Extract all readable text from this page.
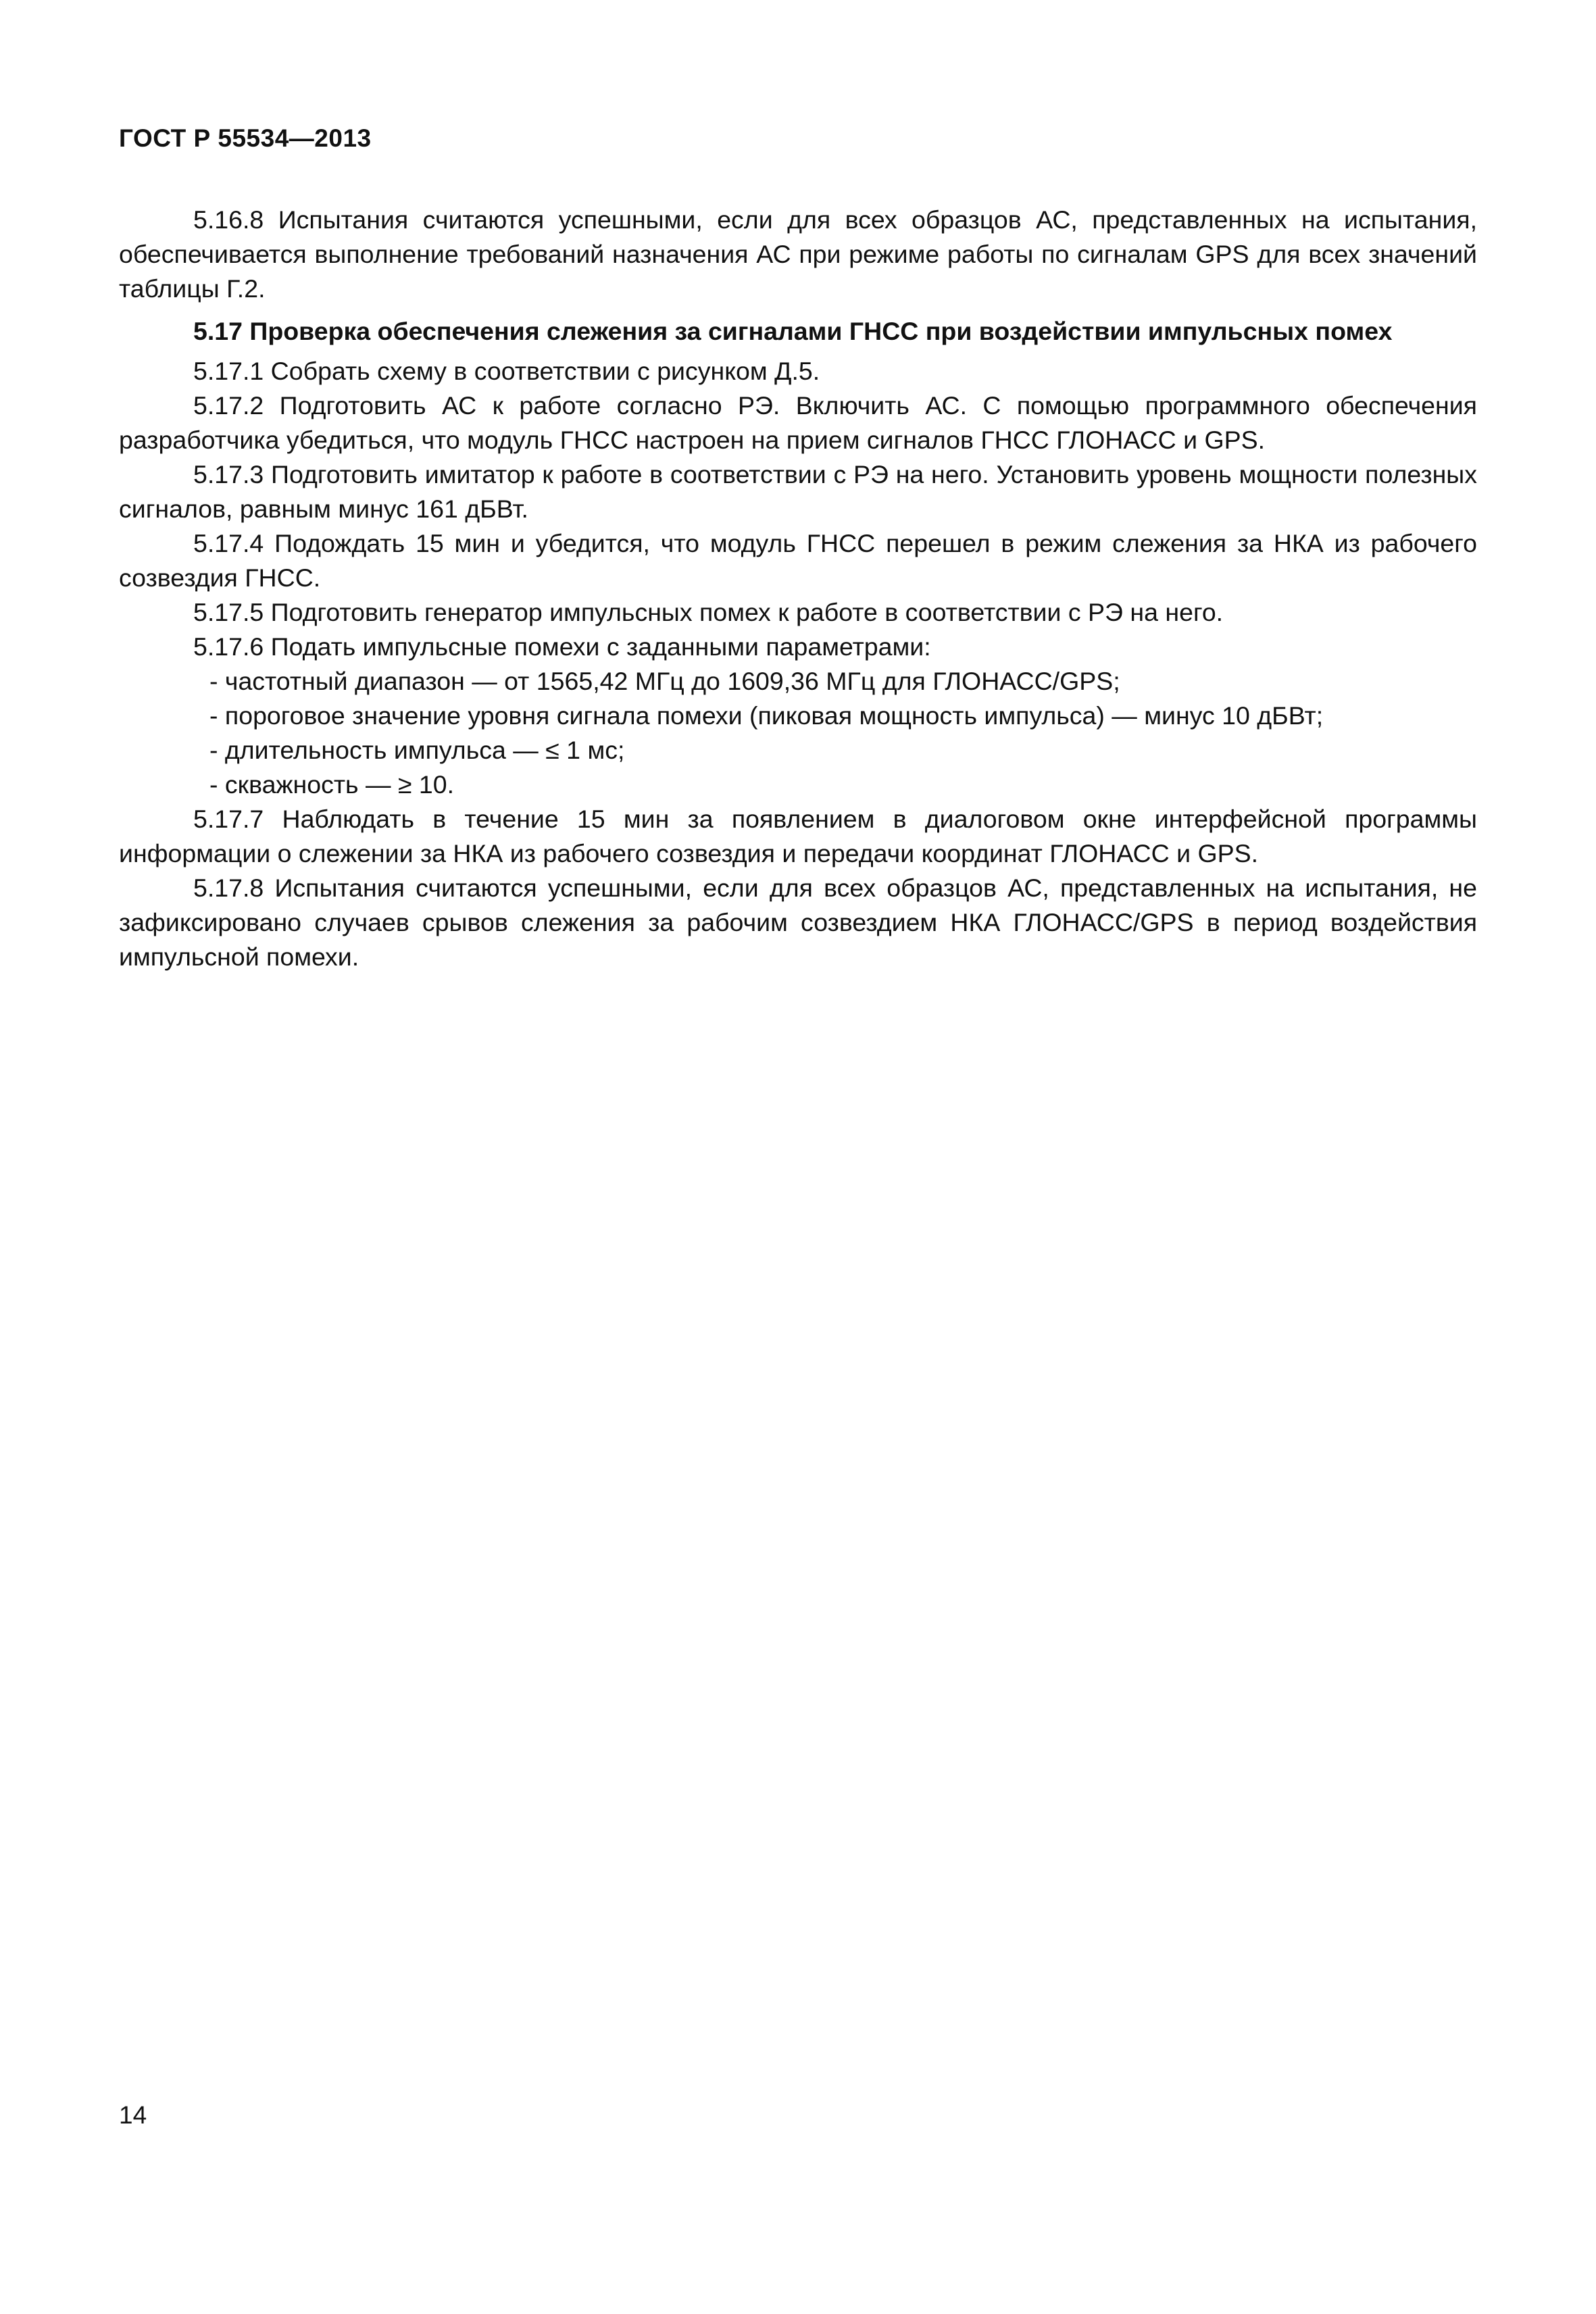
ГОСТ Р 55534—2013

5.16.8 Испытания считаются успешными, если для всех образцов АС, представленных на испытания, обеспечивается выполнение требований назначения АС при режиме работы по сигналам GPS для всех значений таблицы Г.2.

5.17 Проверка обеспечения слежения за сигналами ГНСС при воздействии импульсных помех

5.17.1 Собрать схему в соответствии с рисунком Д.5.

5.17.2 Подготовить АС к работе согласно РЭ. Включить АС. С помощью программного обеспечения разработчика убедиться, что модуль ГНСС настроен на прием сигналов ГНСС ГЛОНАСС и GPS.

5.17.3 Подготовить имитатор к работе в соответствии с РЭ на него. Установить уровень мощности полезных сигналов, равным минус 161 дБВт.

5.17.4 Подождать 15 мин и убедится, что модуль ГНСС перешел в режим слежения за НКА из рабочего созвездия ГНСС.

5.17.5 Подготовить генератор импульсных помех к работе в соответствии с РЭ на него.

5.17.6 Подать импульсные помехи с заданными параметрами:

- частотный диапазон — от 1565,42 МГц до 1609,36 МГц для ГЛОНАСС/GPS;

- пороговое значение уровня сигнала помехи (пиковая мощность импульса) — минус 10 дБВт;

- длительность импульса — ≤ 1 мс;

- скважность — ≥ 10.

5.17.7 Наблюдать в течение 15 мин за появлением в диалоговом окне интерфейсной программы информации о слежении за НКА из рабочего созвездия и передачи координат ГЛОНАСС и GPS.

5.17.8 Испытания считаются успешными, если для всех образцов АС, представленных на испытания, не зафиксировано случаев срывов слежения за рабочим созвездием НКА ГЛОНАСС/GPS в период воздействия импульсной помехи.

14
